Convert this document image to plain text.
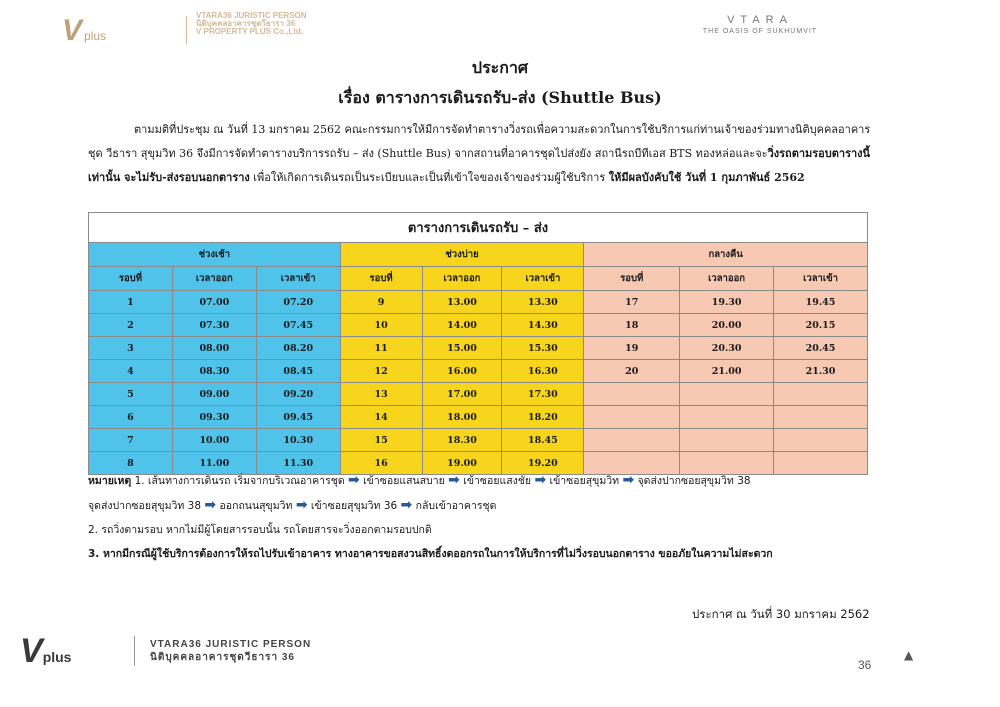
Vplus
VTARA36 JURISTIC PERSON
นิติบุคคลอาคารชุดวีธารา 36
V PROPERTY PLUS Co.,Ltd.
VTARA
THE OASIS OF SUKHUMVIT
ประกาศ
เรื่อง ตารางการเดินรถรับ-ส่ง (Shuttle Bus)
ตามมติที่ประชุม ณ วันที่ 13 มกราคม 2562 คณะกรรมการให้มีการจัดทำตารางวิ่งรถเพื่อความสะดวกในการใช้บริการแก่ท่านเจ้าของร่วมทางนิติบุคคลอาคาร ชุด วีธารา สุขุมวิท 36 จึงมีการจัดทำตารางบริการรถรับ – ส่ง (Shuttle Bus) จากสถานที่อาคารชุดไปส่งยัง สถานีรถบีทีเอส BTS ทองหล่อและจะวิ่งรถตามรอบตารางนี้เท่านั้น จะไม่รับ-ส่งรอบนอกตาราง เพื่อให้เกิดการเดินรถเป็นระเบียบและเป็นที่เข้าใจของเจ้าของร่วมผู้ใช้บริการ ให้มีผลบังคับใช้ วันที่ 1 กุมภาพันธ์ 2562
ตารางการเดินรถรับ – ส่ง								
ช่วงเช้า			ช่วงบ่าย			กลางคืน		
รอบที่	เวลาออก	เวลาเข้า	รอบที่	เวลาออก	เวลาเข้า	รอบที่	เวลาออก	เวลาเข้า
1	07.00	07.20	9	13.00	13.30	17	19.30	19.45
2	07.30	07.45	10	14.00	14.30	18	20.00	20.15
3	08.00	08.20	11	15.00	15.30	19	20.30	20.45
4	08.30	08.45	12	16.00	16.30	20	21.00	21.30
5	09.00	09.20	13	17.00	17.30			
6	09.30	09.45	14	18.00	18.20			
7	10.00	10.30	15	18.30	18.45			
8	11.00	11.30	16	19.00	19.20			
หมายเหตุ 1. เส้นทางการเดินรถ เริ่มจากบริเวณอาคารชุด ➡ เข้าซอยแสนสบาย ➡ เข้าซอยแสงชัย ➡ เข้าซอยสุขุมวิท ➡ จุดส่งปากซอยสุขุมวิท 38
จุดส่งปากซอยสุขุมวิท 38 ➡ ออกถนนสุขุมวิท ➡ เข้าซอยสุขุมวิท 36 ➡ กลับเข้าอาคารชุด
2. รถวิ่งตามรอบ หากไม่มีผู้โดยสารรอบนั้น รถโดยสารจะวิ่งออกตามรอบปกติ
3. หากมีกรณีผู้ใช้บริการต้องการให้รถไปรับเข้าอาคาร ทางอาคารขอสงวนสิทธิ์งดออกรถในการให้บริการที่ไม่วิ่งรอบนอกตาราง ขออภัยในความไม่สะดวก
ประกาศ ณ วันที่ 30 มกราคม 2562
Vplus
VTARA36 JURISTIC PERSON
นิติบุคคลอาคารชุดวีธารา 36
36
▲
